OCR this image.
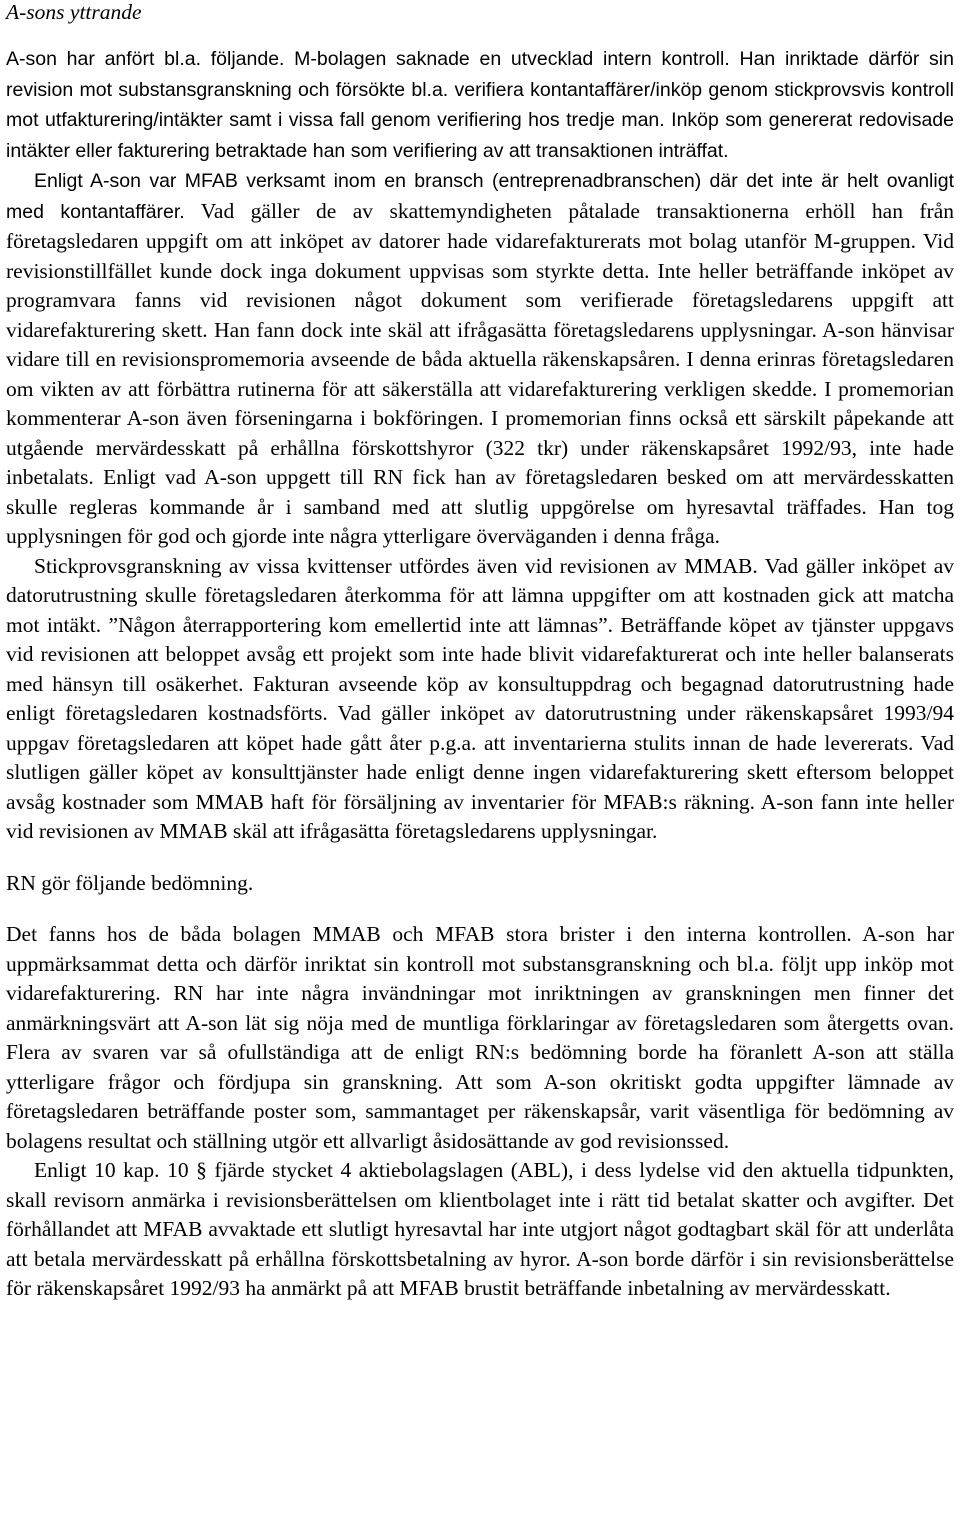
A-sons yttrande

A-son har anfört bl.a. följande. M-bolagen saknade en utvecklad intern kontroll. Han inriktade därför sin revision mot substansgranskning och försökte bl.a. verifiera kontantaffärer/inköp genom stickprovsvis kontroll mot utfakturering/intäkter samt i vissa fall genom verifiering hos tredje man. Inköp som genererat redovisade intäkter eller fakturering betraktade han som verifiering av att transaktionen inträffat.

Enligt A-son var MFAB verksamt inom en bransch (entreprenadbranschen) där det inte är helt ovanligt med kontantaffärer. Vad gäller de av skattemyndigheten påtalade transaktionerna erhöll han från företagsledaren uppgift om att inköpet av datorer hade vidarefakturerats mot bolag utanför M-gruppen. Vid revisionstillfället kunde dock inga dokument uppvisas som styrkte detta. Inte heller beträffande inköpet av programvara fanns vid revisionen något dokument som verifierade företagsledarens uppgift att vidarefakturering skett. Han fann dock inte skäl att ifrågasätta företagsledarens upplysningar. A-son hänvisar vidare till en revisionspromemoria avseende de båda aktuella räkenskapsåren. I denna erinras företagsledaren om vikten av att förbättra rutinerna för att säkerställa att vidarefakturering verkligen skedde. I promemorian kommenterar A-son även förseningarna i bokföringen. I promemorian finns också ett särskilt påpekande att utgående mervärdesskatt på erhållna förskottshyror (322 tkr) under räkenskapsåret 1992/93, inte hade inbetalats. Enligt vad A-son uppgett till RN fick han av företagsledaren besked om att mervärdesskatten skulle regleras kommande år i samband med att slutlig uppgörelse om hyresavtal träffades. Han tog upplysningen för god och gjorde inte några ytterligare överväganden i denna fråga.

Stickprovsgranskning av vissa kvittenser utfördes även vid revisionen av MMAB. Vad gäller inköpet av datorutrustning skulle företagsledaren återkomma för att lämna uppgifter om att kostnaden gick att matcha mot intäkt. ”Någon återrapportering kom emellertid inte att lämnas”. Beträffande köpet av tjänster uppgavs vid revisionen att beloppet avsåg ett projekt som inte hade blivit vidarefakturerat och inte heller balanserats med hänsyn till osäkerhet. Fakturan avseende köp av konsultuppdrag och begagnad datorutrustning hade enligt företagsledaren kostnadsförts. Vad gäller inköpet av datorutrustning under räkenskapsåret 1993/94 uppgav företagsledaren att köpet hade gått åter p.g.a. att inventarierna stulits innan de hade levererats. Vad slutligen gäller köpet av konsulttjänster hade enligt denne ingen vidarefakturering skett eftersom beloppet avsåg kostnader som MMAB haft för försäljning av inventarier för MFAB:s räkning. A-son fann inte heller vid revisionen av MMAB skäl att ifrågasätta företagsledarens upplysningar.

RN gör följande bedömning.

Det fanns hos de båda bolagen MMAB och MFAB stora brister i den interna kontrollen. A-son har uppmärksammat detta och därför inriktat sin kontroll mot substansgranskning och bl.a. följt upp inköp mot vidarefakturering. RN har inte några invändningar mot inriktningen av granskningen men finner det anmärkningsvärt att A-son lät sig nöja med de muntliga förklaringar av företagsledaren som återgetts ovan. Flera av svaren var så ofullständiga att de enligt RN:s bedömning borde ha föranlett A-son att ställa ytterligare frågor och fördjupa sin granskning. Att som A-son okritiskt godta uppgifter lämnade av företagsledaren beträffande poster som, sammantaget per räkenskapsår, varit väsentliga för bedömning av bolagens resultat och ställning utgör ett allvarligt åsidosättande av god revisionssed.

Enligt 10 kap. 10 § fjärde stycket 4 aktiebolagslagen (ABL), i dess lydelse vid den aktuella tidpunkten, skall revisorn anmärka i revisionsberättelsen om klientbolaget inte i rätt tid betalat skatter och avgifter. Det förhållandet att MFAB avvaktade ett slutligt hyresavtal har inte utgjort något godtagbart skäl för att underlåta att betala mervärdesskatt på erhållna förskottsbetalning av hyror. A-son borde därför i sin revisionsberättelse för räkenskapsåret 1992/93 ha anmärkt på att MFAB brustit beträffande inbetalning av mervärdesskatt.
